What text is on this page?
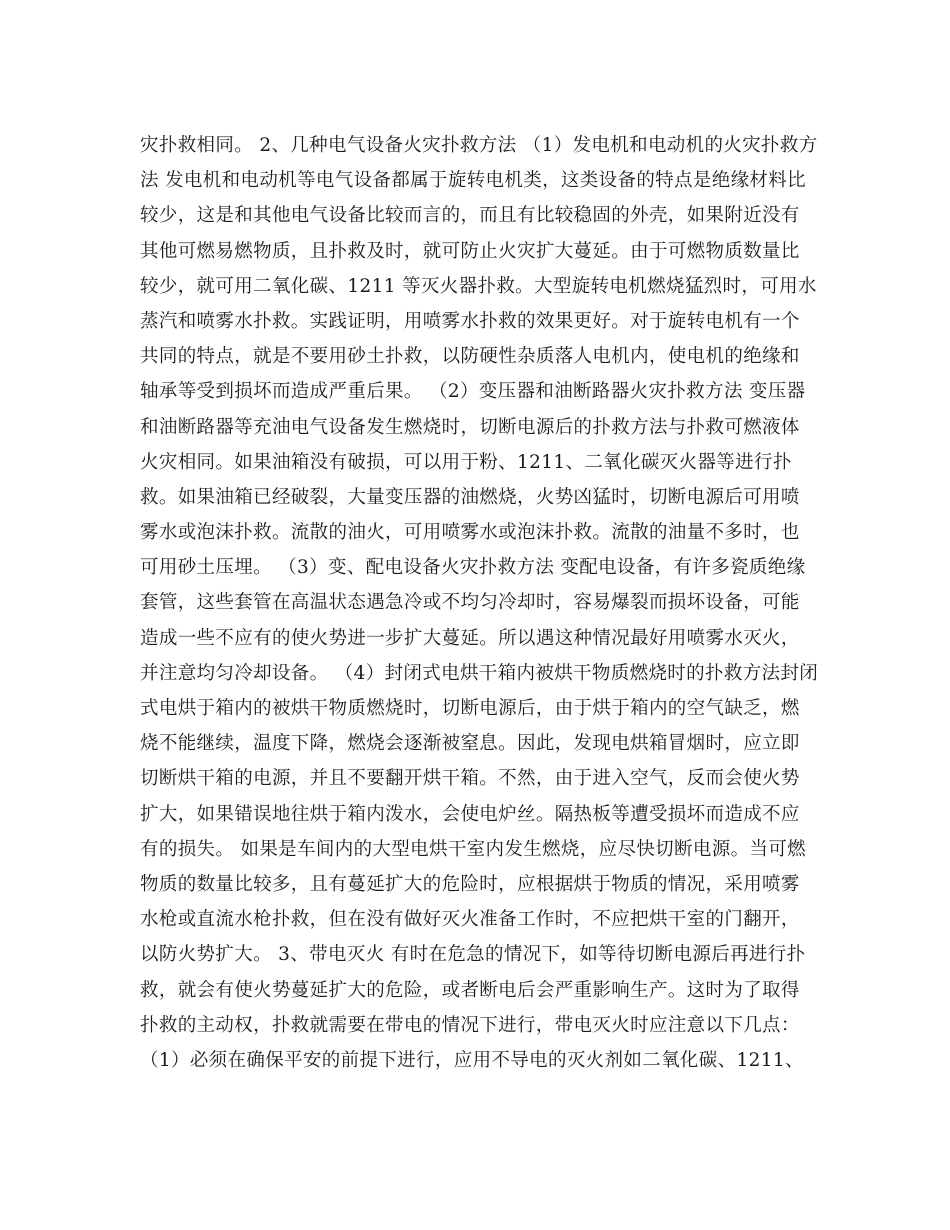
灾扑救相同。 2、几种电气设备火灾扑救方法 （1）发电机和电动机的火灾扑救方
法 发电机和电动机等电气设备都属于旋转电机类，这类设备的特点是绝缘材料比
较少，这是和其他电气设备比较而言的，而且有比较稳固的外壳，如果附近没有
其他可燃易燃物质，且扑救及时，就可防止火灾扩大蔓延。由于可燃物质数量比
较少，就可用二氧化碳、1211 等灭火器扑救。大型旋转电机燃烧猛烈时，可用水
蒸汽和喷雾水扑救。实践证明，用喷雾水扑救的效果更好。对于旋转电机有一个
共同的特点，就是不要用砂土扑救，以防硬性杂质落人电机内，使电机的绝缘和
轴承等受到损坏而造成严重后果。 （2）变压器和油断路器火灾扑救方法 变压器
和油断路器等充油电气设备发生燃烧时，切断电源后的扑救方法与扑救可燃液体
火灾相同。如果油箱没有破损，可以用于粉、1211、二氧化碳灭火器等进行扑
救。如果油箱已经破裂，大量变压器的油燃烧，火势凶猛时，切断电源后可用喷
雾水或泡沫扑救。流散的油火，可用喷雾水或泡沫扑救。流散的油量不多时，也
可用砂土压埋。 （3）变、配电设备火灾扑救方法 变配电设备，有许多瓷质绝缘
套管，这些套管在高温状态遇急冷或不均匀冷却时，容易爆裂而损坏设备，可能
造成一些不应有的使火势进一步扩大蔓延。所以遇这种情况最好用喷雾水灭火，
并注意均匀冷却设备。 （4）封闭式电烘干箱内被烘干物质燃烧时的扑救方法封闭
式电烘于箱内的被烘干物质燃烧时，切断电源后，由于烘于箱内的空气缺乏，燃
烧不能继续，温度下降，燃烧会逐渐被窒息。因此，发现电烘箱冒烟时，应立即
切断烘干箱的电源，并且不要翻开烘干箱。不然，由于进入空气，反而会使火势
扩大，如果错误地往烘于箱内泼水，会使电炉丝。隔热板等遭受损坏而造成不应
有的损失。 如果是车间内的大型电烘干室内发生燃烧，应尽快切断电源。当可燃
物质的数量比较多，且有蔓延扩大的危险时，应根据烘于物质的情况，采用喷雾
水枪或直流水枪扑救，但在没有做好灭火准备工作时，不应把烘干室的门翻开，
以防火势扩大。 3、带电灭火 有时在危急的情况下，如等待切断电源后再进行扑
救，就会有使火势蔓延扩大的危险，或者断电后会严重影响生产。这时为了取得
扑救的主动权，扑救就需要在带电的情况下进行，带电灭火时应注意以下几点：
（1）必须在确保平安的前提下进行，应用不导电的灭火剂如二氧化碳、1211、
